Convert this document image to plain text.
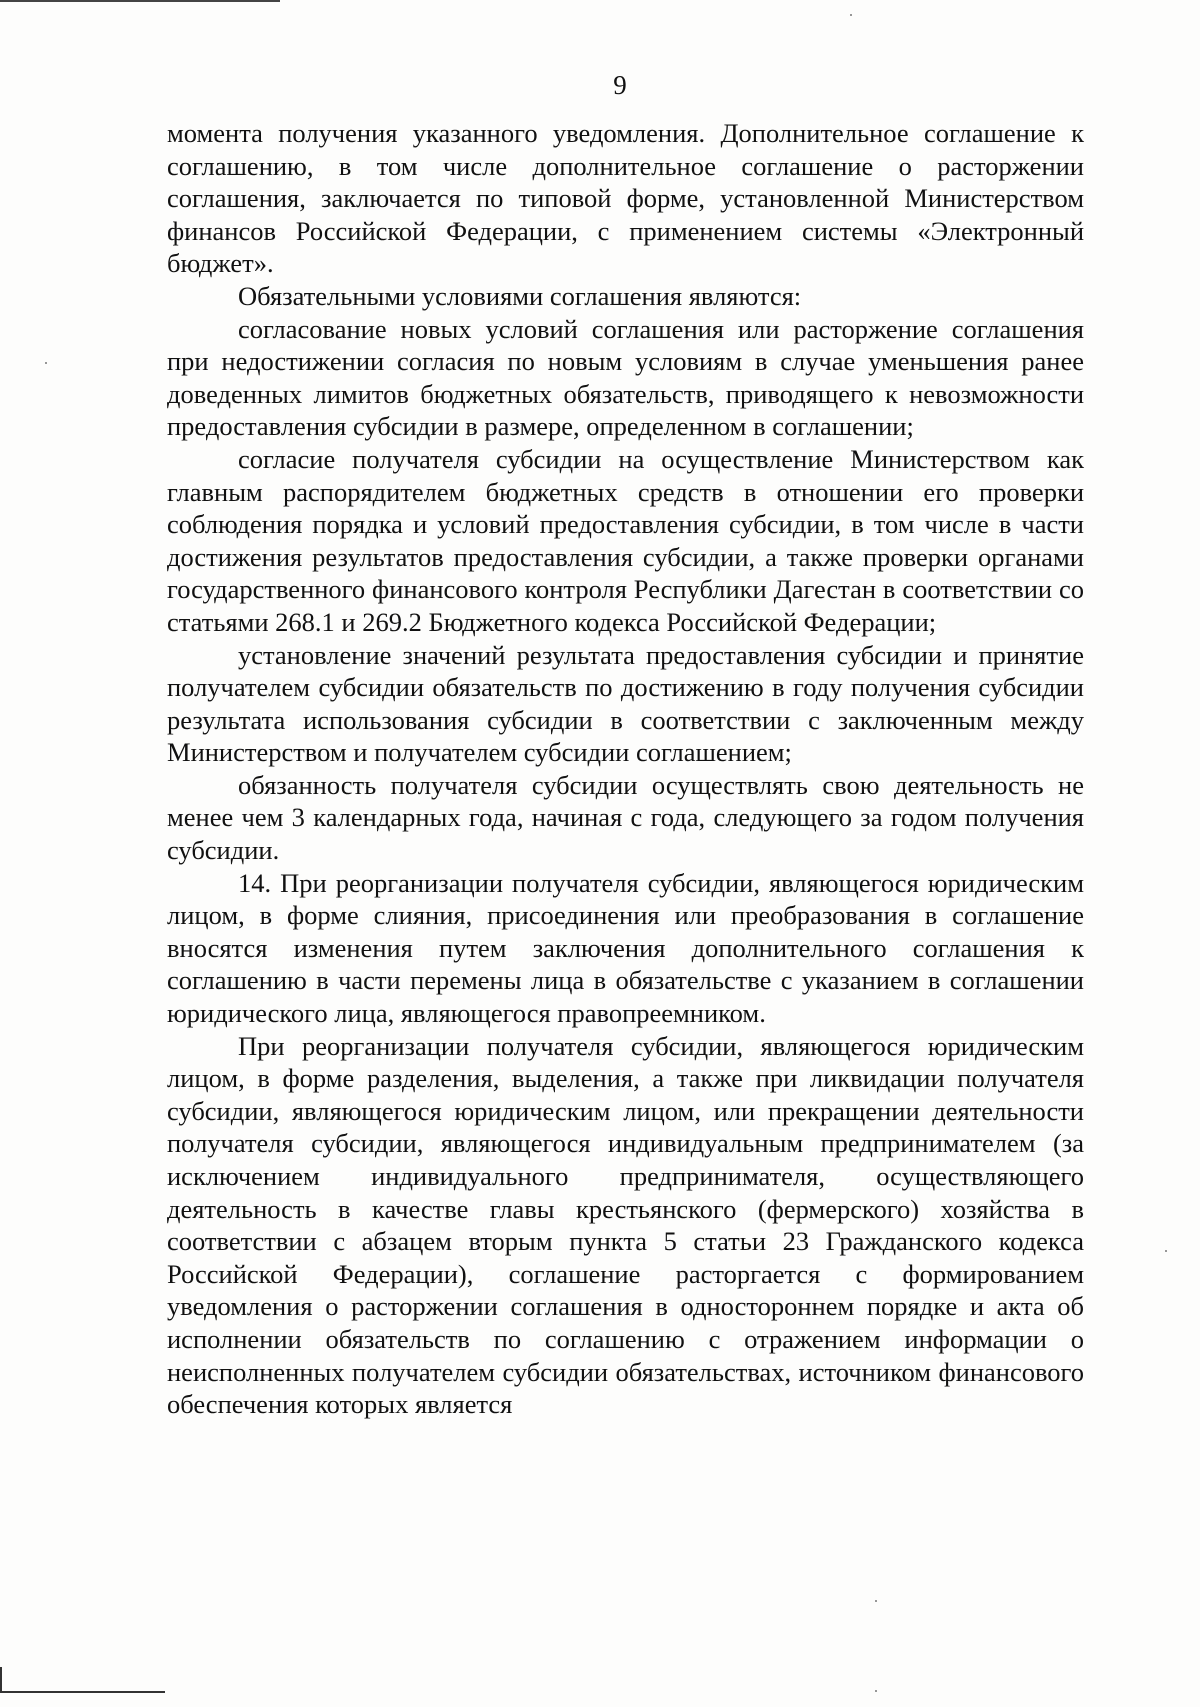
9

момента получения указанного уведомления. Дополнительное соглашение к соглашению, в том числе дополнительное соглашение о расторжении соглашения, заключается по типовой форме, установленной Министерством финансов Российской Федерации, с применением системы «Электронный бюджет».

Обязательными условиями соглашения являются:

согласование новых условий соглашения или расторжение соглашения при недостижении согласия по новым условиям в случае уменьшения ранее доведенных лимитов бюджетных обязательств, приводящего к невозможности предоставления субсидии в размере, определенном в соглашении;

согласие получателя субсидии на осуществление Министерством как главным распорядителем бюджетных средств в отношении его проверки соблюдения порядка и условий предоставления субсидии, в том числе в части достижения результатов предоставления субсидии, а также проверки органами государственного финансового контроля Республики Дагестан в соответствии со статьями 268.1 и 269.2 Бюджетного кодекса Российской Федерации;

установление значений результата предоставления субсидии и принятие получателем субсидии обязательств по достижению в году получения субсидии результата использования субсидии в соответствии с заключенным между Министерством и получателем субсидии соглашением;

обязанность получателя субсидии осуществлять свою деятельность не менее чем 3 календарных года, начиная с года, следующего за годом получения субсидии.

14. При реорганизации получателя субсидии, являющегося юридическим лицом, в форме слияния, присоединения или преобразования в соглашение вносятся изменения путем заключения дополнительного соглашения к соглашению в части перемены лица в обязательстве с указанием в соглашении юридического лица, являющегося правопреемником.

При реорганизации получателя субсидии, являющегося юридическим лицом, в форме разделения, выделения, а также при ликвидации получателя субсидии, являющегося юридическим лицом, или прекращении деятельности получателя субсидии, являющегося индивидуальным предпринимателем (за исключением индивидуального предпринимателя, осуществляющего деятельность в качестве главы крестьянского (фермерского) хозяйства в соответствии с абзацем вторым пункта 5 статьи 23 Гражданского кодекса Российской Федерации), соглашение расторгается с формированием уведомления о расторжении соглашения в одностороннем порядке и акта об исполнении обязательств по соглашению с отражением информации о неисполненных получателем субсидии обязательствах, источником финансового обеспечения которых является
